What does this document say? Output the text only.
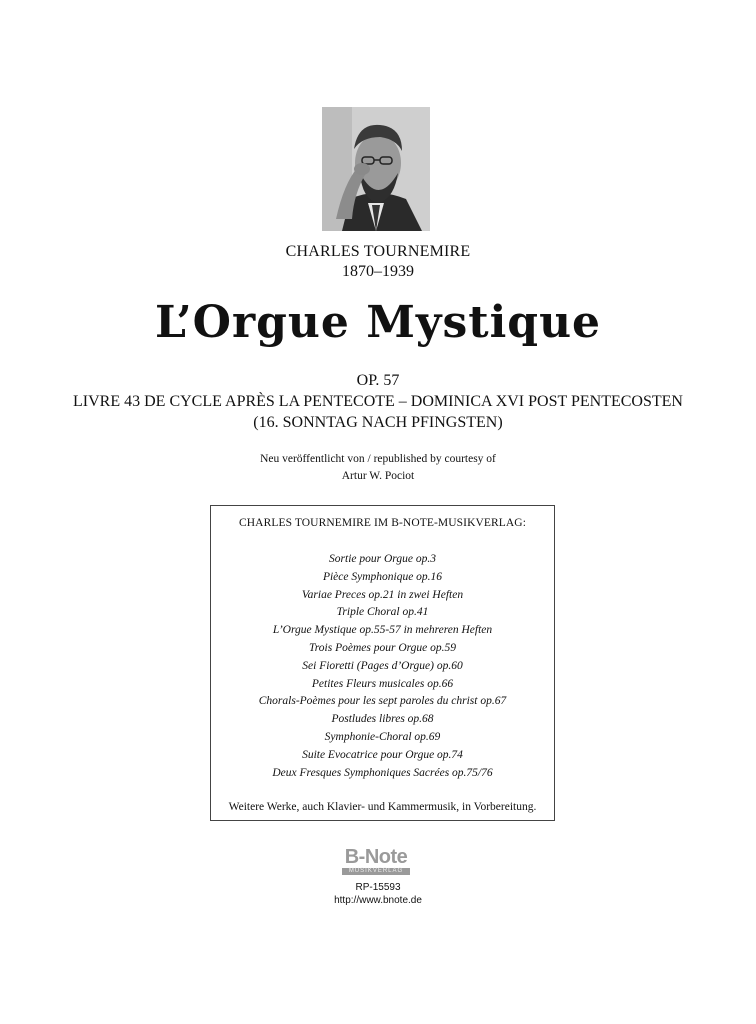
CHARLES TOURNEMIRE
1870–1939
L’Orgue Mystique
OP. 57
LIVRE 43 DE CYCLE APRÈS LA PENTECOTE – DOMINICA XVI POST PENTECOSTEN
(16. SONNTAG NACH PFINGSTEN)
Neu veröffentlicht von / republished by courtesy of
Artur W. Pociot
CHARLES TOURNEMIRE IM B-NOTE-MUSIKVERLAG:
Sortie pour Orgue op.3
Pièce Symphonique op.16
Variae Preces op.21 in zwei Heften
Triple Choral op.41
L’Orgue Mystique op.55-57 in mehreren Heften
Trois Poèmes pour Orgue op.59
Sei Fioretti (Pages d’Orgue) op.60
Petites Fleurs musicales op.66
Chorals-Poèmes pour les sept paroles du christ op.67
Postludes libres op.68
Symphonie-Choral op.69
Suite Evocatrice pour Orgue op.74
Deux Fresques Symphoniques Sacrées op.75/76
Weitere Werke, auch Klavier- und Kammermusik, in Vorbereitung.
B-Note
MUSIKVERLAG
RP-15593
http://www.bnote.de
